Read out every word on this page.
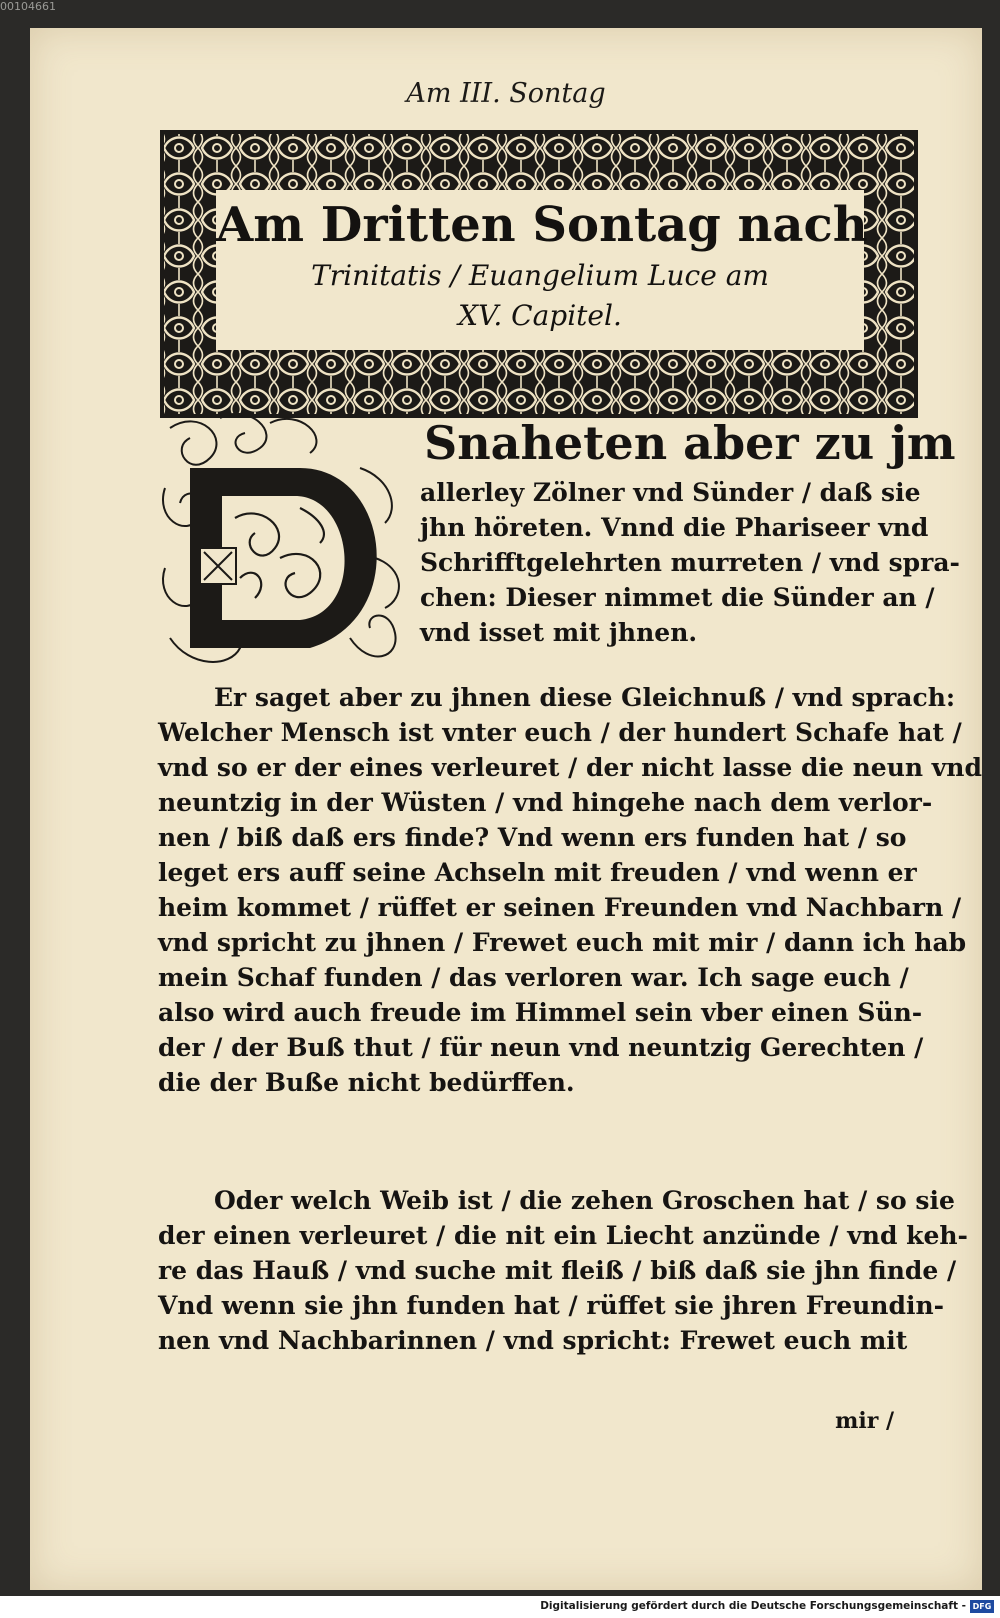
00104661
Am III. Sontag
Am Dritten Sontag nach
Trinitatis / Euangelium Luce am
XV. Capitel.
Snaheten aber zu jm
allerley Zölner vnd Sünder / daß sie
jhn höreten. Vnnd die Phariseer vnd
Schrifftgelehrten murreten / vnd spra-
chen: Dieser nimmet die Sünder an /
vnd isset mit jhnen.
Er saget aber zu jhnen diese Gleichnuß / vnd sprach:
Welcher Mensch ist vnter euch / der hundert Schafe hat /
vnd so er der eines verleuret / der nicht lasse die neun vnd
neuntzig in der Wüsten / vnd hingehe nach dem verlor-
nen / biß daß ers finde? Vnd wenn ers funden hat / so
leget ers auff seine Achseln mit freuden / vnd wenn er
heim kommet / rüffet er seinen Freunden vnd Nachbarn /
vnd spricht zu jhnen / Frewet euch mit mir / dann ich hab
mein Schaf funden / das verloren war. Ich sage euch /
also wird auch freude im Himmel sein vber einen Sün-
der / der Buß thut / für neun vnd neuntzig Gerechten /
die der Buße nicht bedürffen.
Oder welch Weib ist / die zehen Groschen hat / so sie
der einen verleuret / die nit ein Liecht anzünde / vnd keh-
re das Hauß / vnd suche mit fleiß / biß daß sie jhn finde /
Vnd wenn sie jhn funden hat / rüffet sie jhren Freundin-
nen vnd Nachbarinnen / vnd spricht: Frewet euch mit
mir /
Digitalisierung gefördert durch die Deutsche Forschungsgemeinschaft - DFG
